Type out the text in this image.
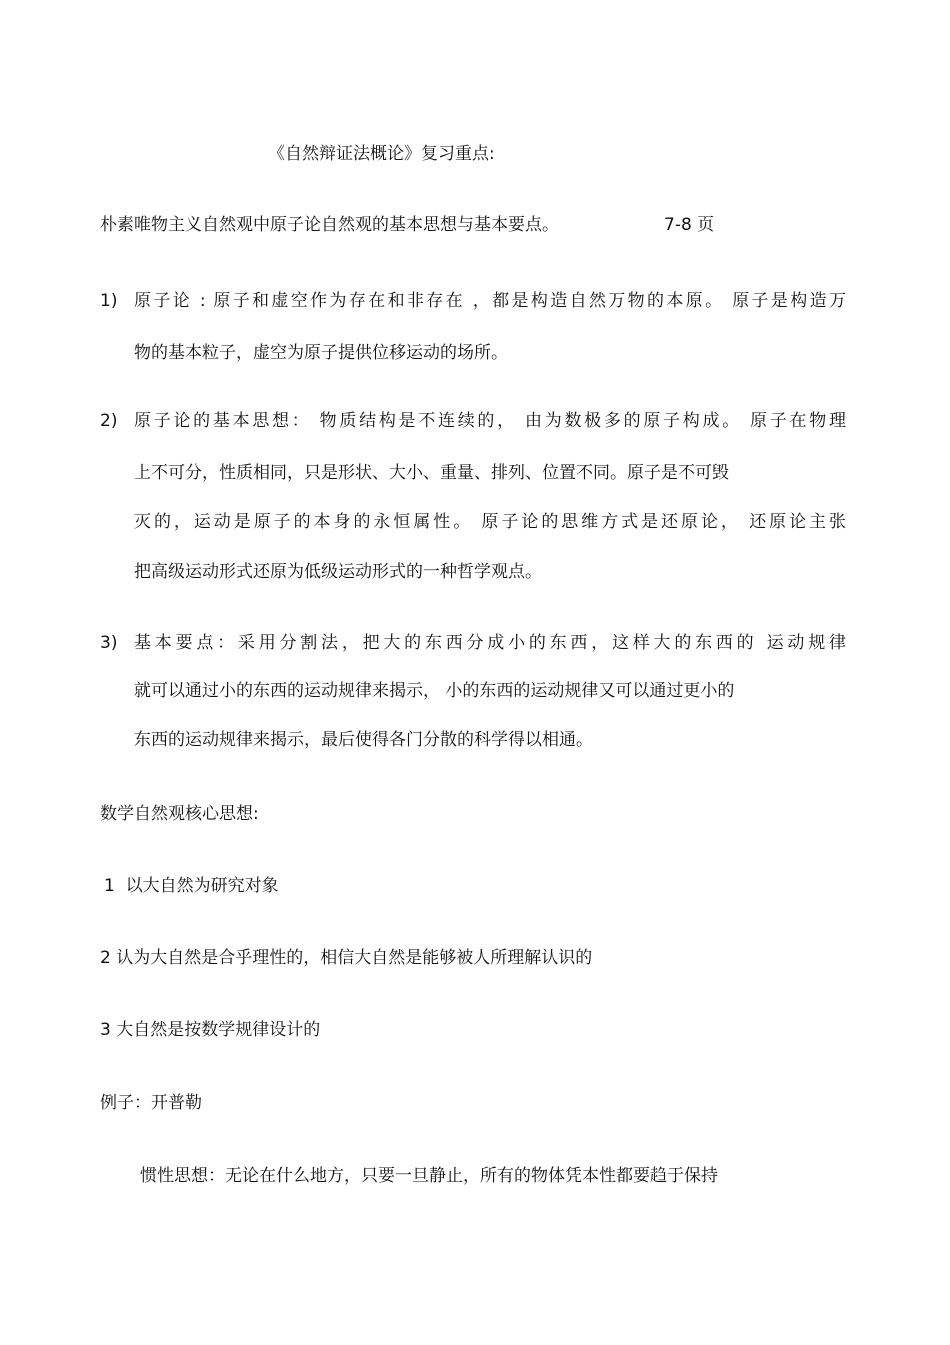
《自然辩证法概论》复习重点:
朴素唯物主义自然观中原子论自然观的基本思想与基本要点。	7-8 页
1) 原子论 : 原子和虚空作为存在和非存在 ，都是构造自然万物的本原。 原子是构造万
物的基本粒子，虚空为原子提供位移运动的场所。
2) 原子论的基本思想： 物质结构是不连续的， 由为数极多的原子构成。 原子在物理
上不可分，性质相同，只是形状、大小、重量、排列、位置不同。原子是不可毁
灭的，运动是原子的本身的永恒属性。 原子论的思维方式是还原论， 还原论主张
把高级运动形式还原为低级运动形式的一种哲学观点。
3) 基本要点：采用分割法，把大的东西分成小的东西，这样大的东西的 运动规律
就可以通过小的东西的运动规律来揭示， 小的东西的运动规律又可以通过更小的
东西的运动规律来揭示，最后使得各门分散的科学得以相通。
数学自然观核心思想:
1  以大自然为研究对象
2 认为大自然是合乎理性的，相信大自然是能够被人所理解认识的
3 大自然是按数学规律设计的
例子：开普勒
惯性思想：无论在什么地方，只要一旦静止，所有的物体凭本性都要趋于保持
